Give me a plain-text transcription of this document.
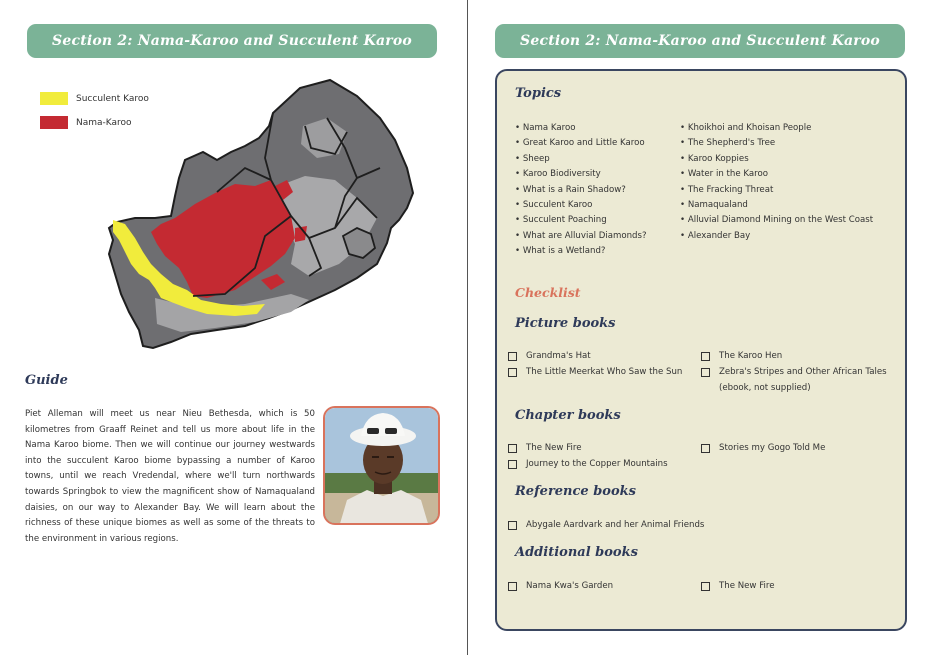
Section 2: Nama-Karoo and Succulent Karoo
Succulent Karoo
Nama-Karoo
Guide
Piet Alleman will meet us near Nieu Bethesda, which is 50 kilometres from Graaff Reinet and tell us more about life in the Nama Karoo biome. Then we will continue our journey westwards into the succulent Karoo biome bypassing a number of Karoo towns, until we reach Vredendal, where we'll turn northwards towards Springbok to view the magnificent show of Namaqualand daisies, on our way to Alexander Bay. We will learn about the richness of these unique biomes as well as some of the threats to the environment in various regions.
Section 2: Nama-Karoo and Succulent Karoo
Topics
• Nama Karoo
• Great Karoo and Little Karoo
• Sheep
• Karoo Biodiversity
• What is a Rain Shadow?
• Succulent Karoo
• Succulent Poaching
• What are Alluvial Diamonds?
• What is a Wetland?
• Khoikhoi and Khoisan People
• The Shepherd's Tree
• Karoo Koppies
• Water in the Karoo
• The Fracking Threat
• Namaqualand
• Alluvial Diamond Mining on the West Coast
• Alexander Bay
Checklist
Picture books
Grandma's Hat	The Karoo Hen
The Little Meerkat Who Saw the Sun	Zebra's Stripes and Other African Tales (ebook, not supplied)
Chapter books
The New Fire	Stories my Gogo Told Me
Journey to the Copper Mountains
Reference books
Abygale Aardvark and her Animal Friends
Additional books
Nama Kwa's Garden	The New Fire
